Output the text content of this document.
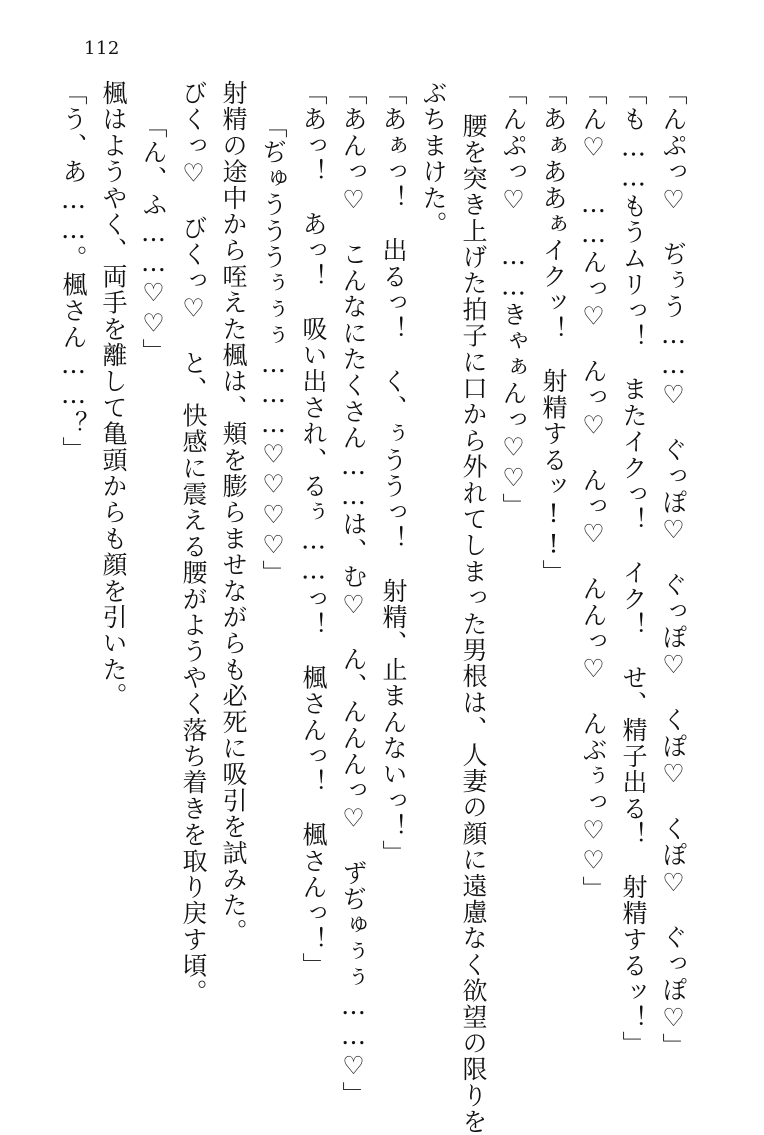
112
「んぷっ♡　ぢぅう……♡　ぐっぽ♡　ぐっぽ♡　くぽ♡　くぽ♡　ぐっぽ♡」
「も……もうムリっ！　またイクっ！　イク！　せ、精子出る！　射精するッ！」
「ん♡　……んっ♡　んっ♡　んっ♡　んんっ♡　んぶぅっ♡♡」
「あぁああぁイクッ！　射精するッ!!」
「んぷっ♡　……きゃぁんっ♡♡」
腰を突き上げた拍子に口から外れてしまった男根は、人妻の顔に遠慮なく欲望の限りを
ぶちまけた。
「あぁっ！　出るっ！　く、ぅううっ！　射精、止まんないっ！」
「あんっ♡　こんなにたくさん……は、む♡　ん、んんんっ♡　ずぢゅぅぅ……♡」
「あっ！　あっ！　吸い出され、るぅ……っ！　楓さんっ！　楓さんっ！」
「ぢゅうううぅぅぅ………♡♡♡♡」
射精の途中から咥えた楓は、頬を膨らませながらも必死に吸引を試みた。
びくっ♡　びくっ♡　と、快感に震える腰がようやく落ち着きを取り戻す頃。
「ん、ふ……♡♡」
楓はようやく、両手を離して亀頭からも顔を引いた。
「う、あ……。楓さん……？」
